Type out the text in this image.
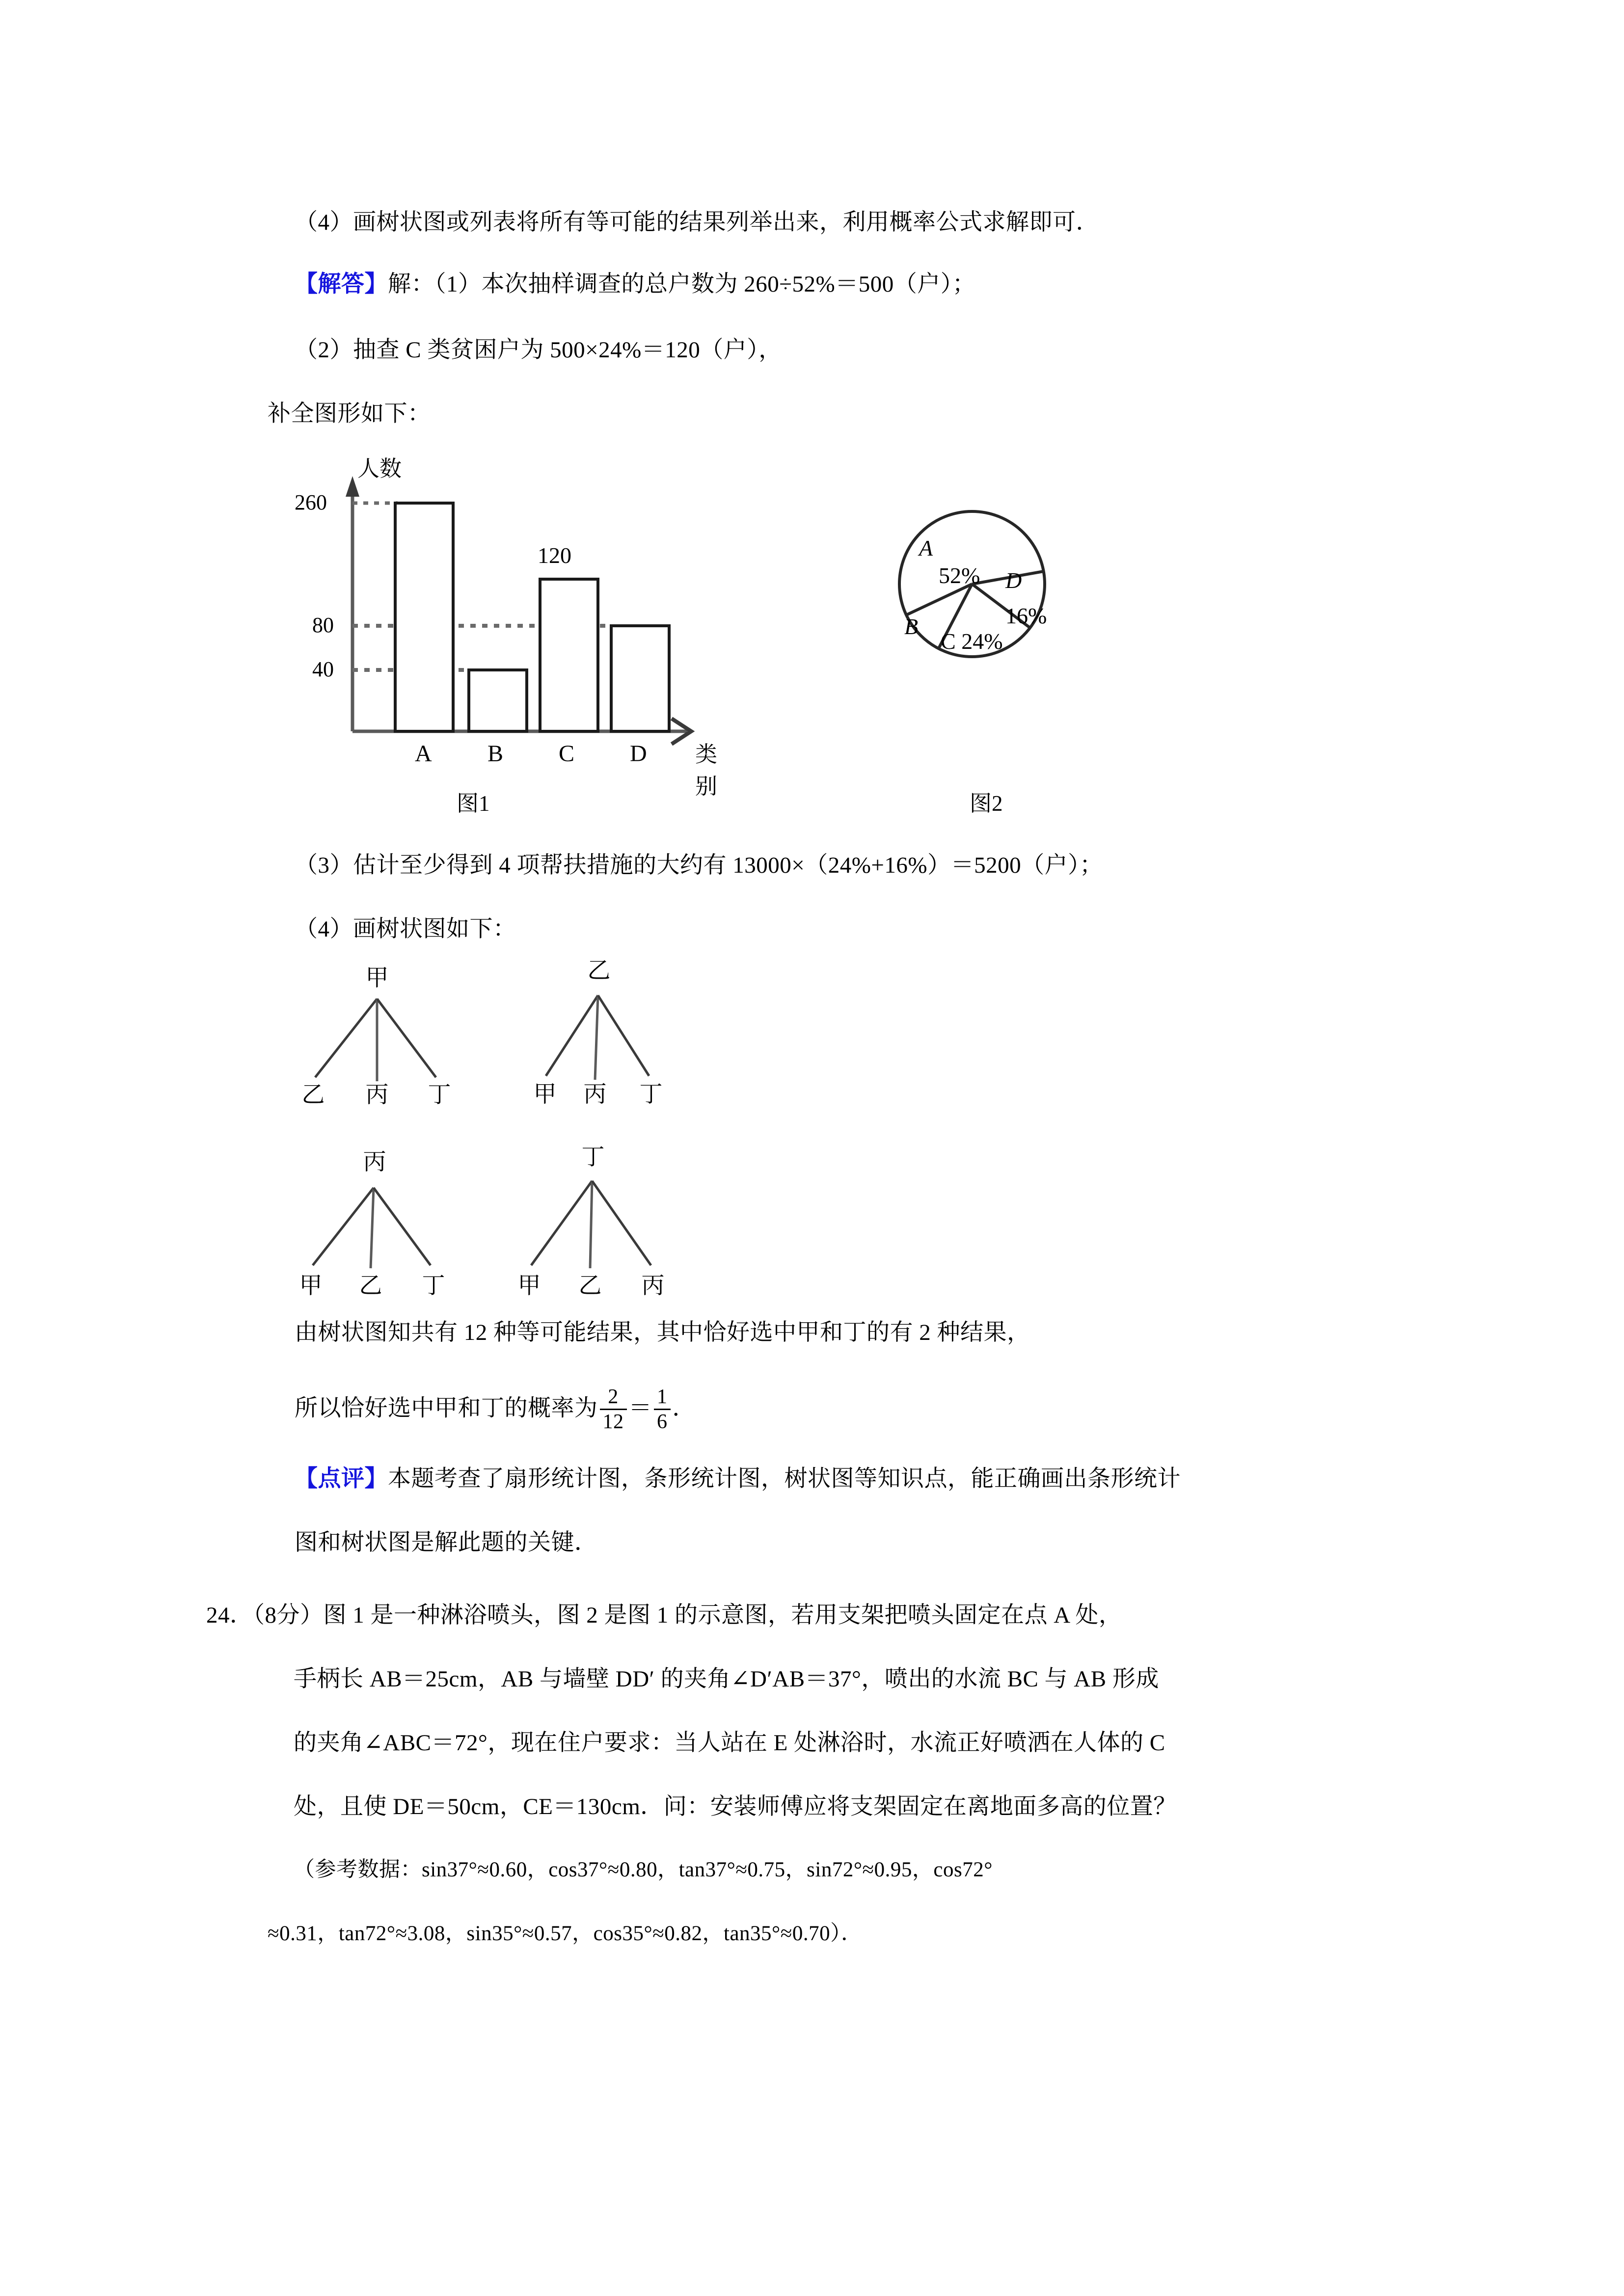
（4）画树状图或列表将所有等可能的结果列举出来，利用概率公式求解即可．
【解答】解：（1）本次抽样调查的总户数为 260÷52%＝500（户）；
（2）抽查 C 类贫困户为 500×24%＝120（户），
补全图形如下：
人数
260
80
40
120
A B C D 类别
图1
A
52%
B
C 24%
D
16%
图2
（3）估计至少得到 4 项帮扶措施的大约有 13000×（24%+16%）＝5200（户）；
（4）画树状图如下：
甲
乙 丙 丁
乙
甲 丙 丁
丙
甲 乙 丁
丁
甲 乙 丙
由树状图知共有 12 种等可能结果，其中恰好选中甲和丁的有 2 种结果，
所以恰好选中甲和丁的概率为 $\frac{2}{12} = \frac{1}{6}$ ．
【点评】本题考查了扇形统计图，条形统计图，树状图等知识点，能正确画出条形统计
图和树状图是解此题的关键．
24．（8分）图 1 是一种淋浴喷头，图 2 是图 1 的示意图，若用支架把喷头固定在点 A 处，
手柄长 AB＝25cm，AB 与墙壁 DD′ 的夹角∠D′AB＝37°，喷出的水流 BC 与 AB 形成
的夹角∠ABC＝72°，现在住户要求：当人站在 E 处淋浴时，水流正好喷洒在人体的 C
处，且使 DE＝50cm，CE＝130cm．问：安装师傅应将支架固定在离地面多高的位置？
（参考数据：sin37°≈0.60，cos37°≈0.80，tan37°≈0.75，sin72°≈0.95，cos72°
≈0.31，tan72°≈3.08，sin35°≈0.57，cos35°≈0.82，tan35°≈0.70）．
